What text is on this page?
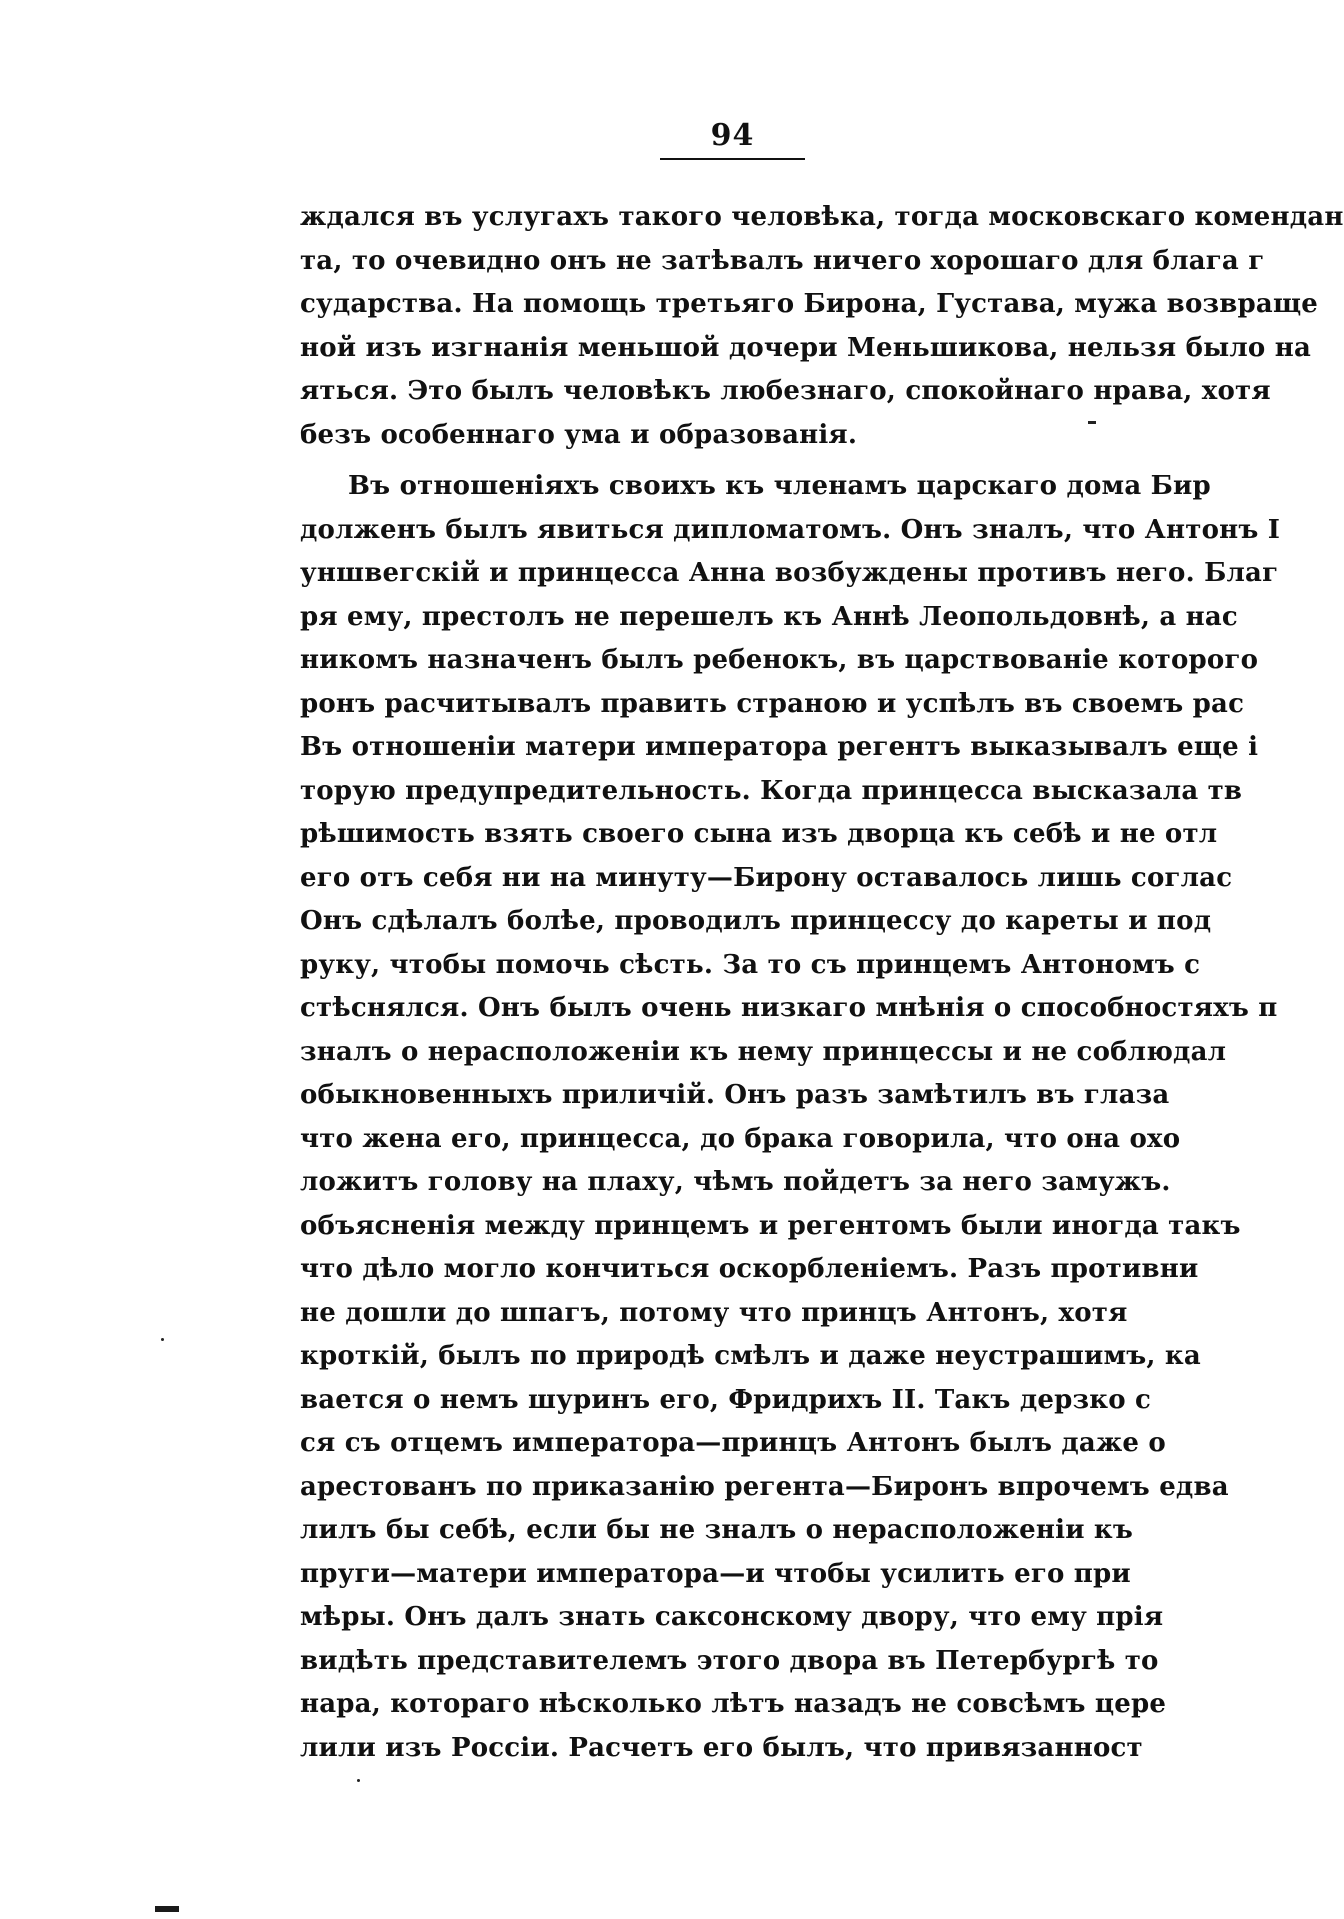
94
ждался въ услугахъ такого человѣка, тогда московскаго комендан
та, то очевидно онъ не затѣвалъ ничего хорошаго для блага г
сударства. На помощь третьяго Бирона, Густава, мужа возвраще
ной изъ изгнанія меньшой дочери Меньшикова, нельзя было на
яться. Это былъ человѣкъ любезнаго, спокойнаго нрава, хотя
безъ особеннаго ума и образованія.
Въ отношеніяхъ своихъ къ членамъ царскаго дома Бир
долженъ былъ явиться дипломатомъ. Онъ зналъ, что Антонъ I
уншвегскій и принцесса Анна возбуждены противъ него. Благ
ря ему, престолъ не перешелъ къ Аннѣ Леопольдовнѣ, а нас
никомъ назначенъ былъ ребенокъ, въ царствованіе которого
ронъ расчитывалъ править страною и успѣлъ въ своемъ рас
Въ отношеніи матери императора регентъ выказывалъ еще і
торую предупредительность. Когда принцесса высказала тв
рѣшимость взять своего сына изъ дворца къ себѣ и не отл
его отъ себя ни на минуту—Бирону оставалось лишь соглас
Онъ сдѣлалъ болѣе, проводилъ принцессу до кареты и под
руку, чтобы помочь сѣсть. За то съ принцемъ Антономъ с
стѣснялся. Онъ былъ очень низкаго мнѣнія о способностяхъ п
зналъ о нерасположеніи къ нему принцессы и не соблюдал
обыкновенныхъ приличій. Онъ разъ замѣтилъ въ глаза
что жена его, принцесса, до брака говорила, что она охо
ложитъ голову на плаху, чѣмъ пойдетъ за него замужъ.
объясненія между принцемъ и регентомъ были иногда такъ
что дѣло могло кончиться оскорбленіемъ. Разъ противни
не дошли до шпагъ, потому что принцъ Антонъ, хотя
кроткій, былъ по природѣ смѣлъ и даже неустрашимъ, ка
вается о немъ шуринъ его, Фридрихъ II. Такъ дерзко с
ся съ отцемъ императора—принцъ Антонъ былъ даже о
арестованъ по приказанію регента—Биронъ впрочемъ едва
лилъ бы себѣ, если бы не зналъ о нерасположеніи къ
пруги—матери императора—и чтобы усилить его при
мѣры. Онъ далъ знать саксонскому двору, что ему прія
видѣть представителемъ этого двора въ Петербургѣ то
нара, котораго нѣсколько лѣтъ назадъ не совсѣмъ цере
лили изъ Россіи. Расчетъ его былъ, что привязанност
